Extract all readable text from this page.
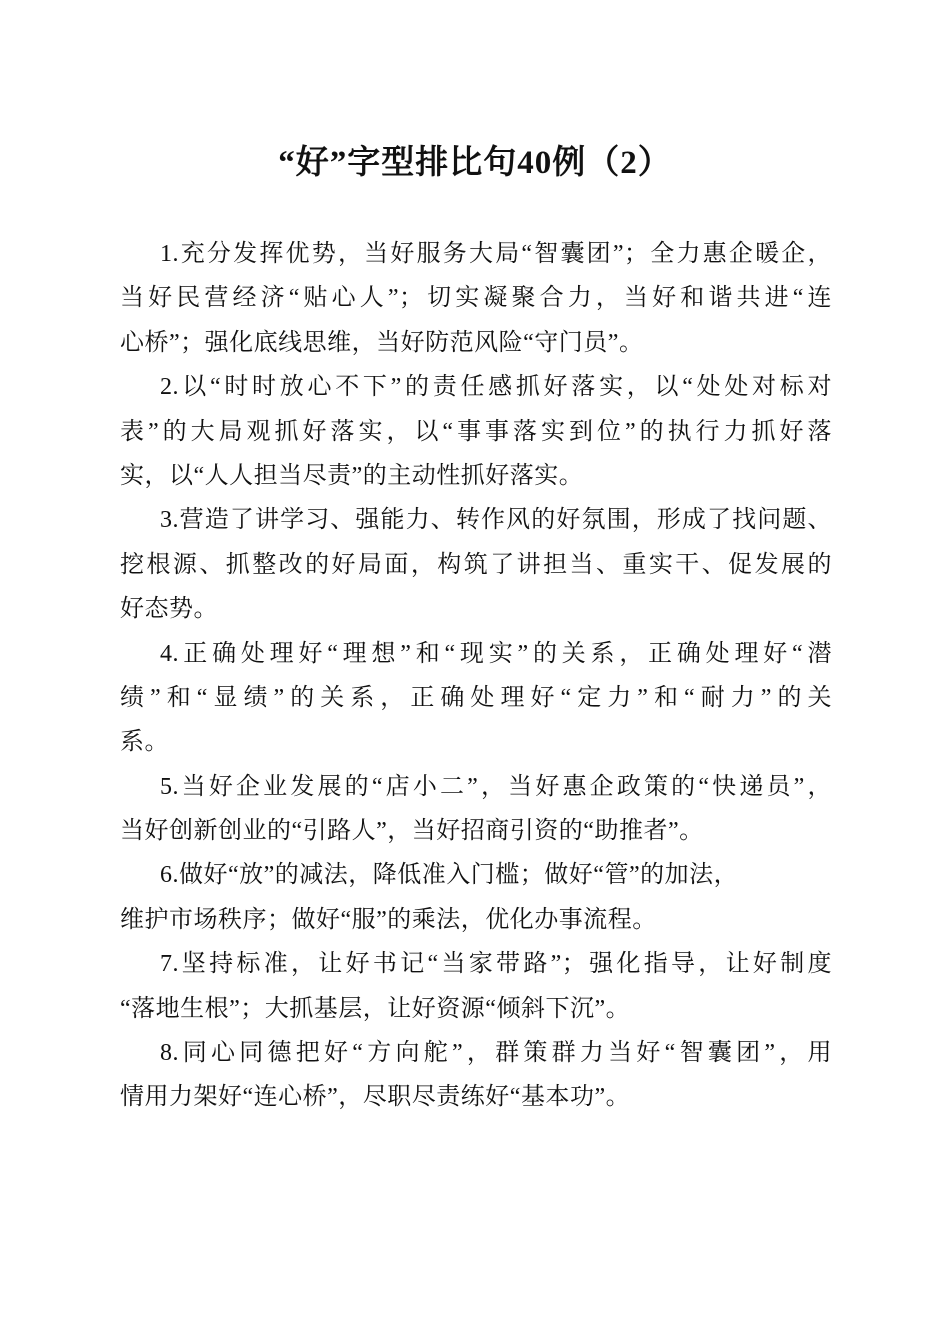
“好”字型排比句40例（2）
1.充分发挥优势，当好服务大局“智囊团”；全力惠企暖企，
当好民营经济“贴心人”；切实凝聚合力，当好和谐共进“连
心桥”；强化底线思维，当好防范风险“守门员”。
2.以“时时放心不下”的责任感抓好落实，以“处处对标对
表”的大局观抓好落实，以“事事落实到位”的执行力抓好落
实，以“人人担当尽责”的主动性抓好落实。
3.营造了讲学习、强能力、转作风的好氛围，形成了找问题、
挖根源、抓整改的好局面，构筑了讲担当、重实干、促发展的
好态势。
4.正确处理好“理想”和“现实”的关系，正确处理好“潜
绩”和“显绩”的关系，正确处理好“定力”和“耐力”的关
系。
5.当好企业发展的“店小二”，当好惠企政策的“快递员”，
当好创新创业的“引路人”，当好招商引资的“助推者”。
6.做好“放”的减法，降低准入门槛；做好“管”的加法，
维护市场秩序；做好“服”的乘法，优化办事流程。
7.坚持标准，让好书记“当家带路”；强化指导，让好制度
“落地生根”；大抓基层，让好资源“倾斜下沉”。
8.同心同德把好“方向舵”，群策群力当好“智囊团”，用
情用力架好“连心桥”，尽职尽责练好“基本功”。
